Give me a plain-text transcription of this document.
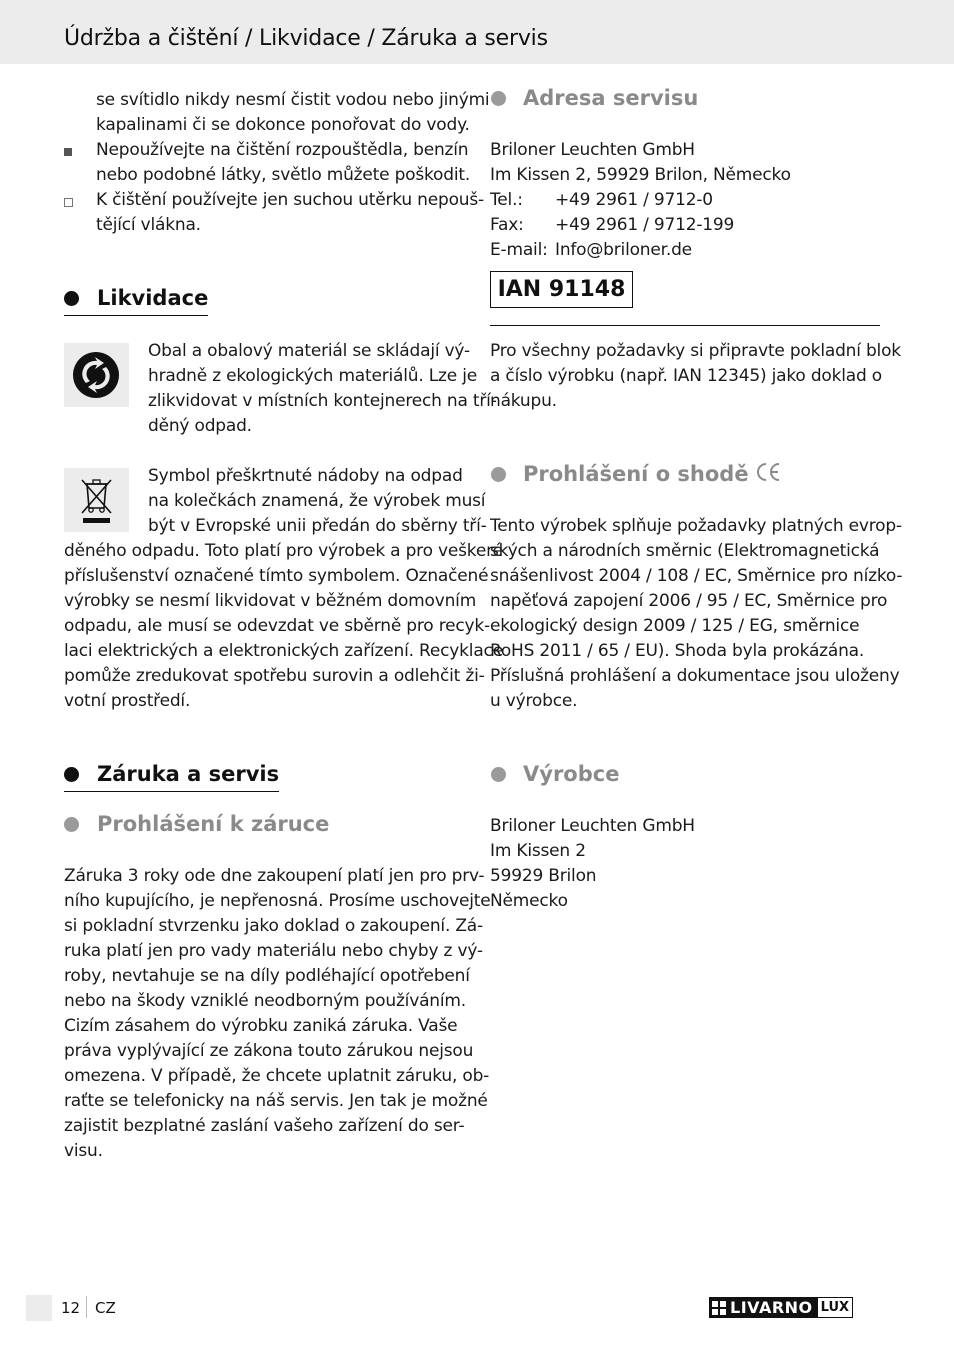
Údržba a čištění / Likvidace / Záruka a servis
se svítidlo nikdy nesmí čistit vodou nebo jinými
kapalinami či se dokonce ponořovat do vody.
Nepoužívejte na čištění rozpouštědla, benzín
nebo podobné látky, světlo můžete poškodit.
K čištění používejte jen suchou utěrku nepouš-
tějící vlákna.
Likvidace
Obal a obalový materiál se skládají vý-
hradně z ekologických materiálů. Lze je
zlikvidovat v místních kontejnerech na tří-
děný odpad.
Symbol přeškrtnuté nádoby na odpad
na kolečkách znamená, že výrobek musí
být v Evropské unii předán do sběrny tří-
děného odpadu. Toto platí pro výrobek a pro veškeré
příslušenství označené tímto symbolem. Označené
výrobky se nesmí likvidovat v běžném domovním
odpadu, ale musí se odevzdat ve sběrně pro recyk-
laci elektrických a elektronických zařízení. Recyklace
pomůže zredukovat spotřebu surovin a odlehčit ži-
votní prostředí.
Záruka a servis
Prohlášení k záruce
Záruka 3 roky ode dne zakoupení platí jen pro prv-
ního kupujícího, je nepřenosná. Prosíme uschovejte
si pokladní stvrzenku jako doklad o zakoupení. Zá-
ruka platí jen pro vady materiálu nebo chyby z vý-
roby, nevtahuje se na díly podléhající opotřebení
nebo na škody vzniklé neodborným používáním.
Cizím zásahem do výrobku zaniká záruka. Vaše
práva vyplývající ze zákona touto zárukou nejsou
omezena. V případě, že chcete uplatnit záruku, ob-
raťte se telefonicky na náš servis. Jen tak je možné
zajistit bezplatné zaslání vašeho zařízení do ser-
visu.
Adresa servisu
Briloner Leuchten GmbH
Im Kissen 2, 59929 Brilon, Německo
Tel.: +49 2961 / 9712-0
Fax: +49 2961 / 9712-199
E-mail: Info@briloner.de
IAN 91148
Pro všechny požadavky si připravte pokladní blok
a číslo výrobku (např. IAN 12345) jako doklad o
nákupu.
Prohlášení o shodě
Tento výrobek splňuje požadavky platných evrop-
ských a národních směrnic (Elektromagnetická
snášenlivost 2004 / 108 / EC, Směrnice pro nízko-
napěťová zapojení 2006 / 95 / EC, Směrnice pro
ekologický design 2009 / 125 / EG, směrnice
RoHS 2011 / 65 / EU). Shoda byla prokázána.
Příslušná prohlášení a dokumentace jsou uloženy
u výrobce.
Výrobce
Briloner Leuchten GmbH
Im Kissen 2
59929 Brilon
Německo
12 CZ	LIVARNO LUX
